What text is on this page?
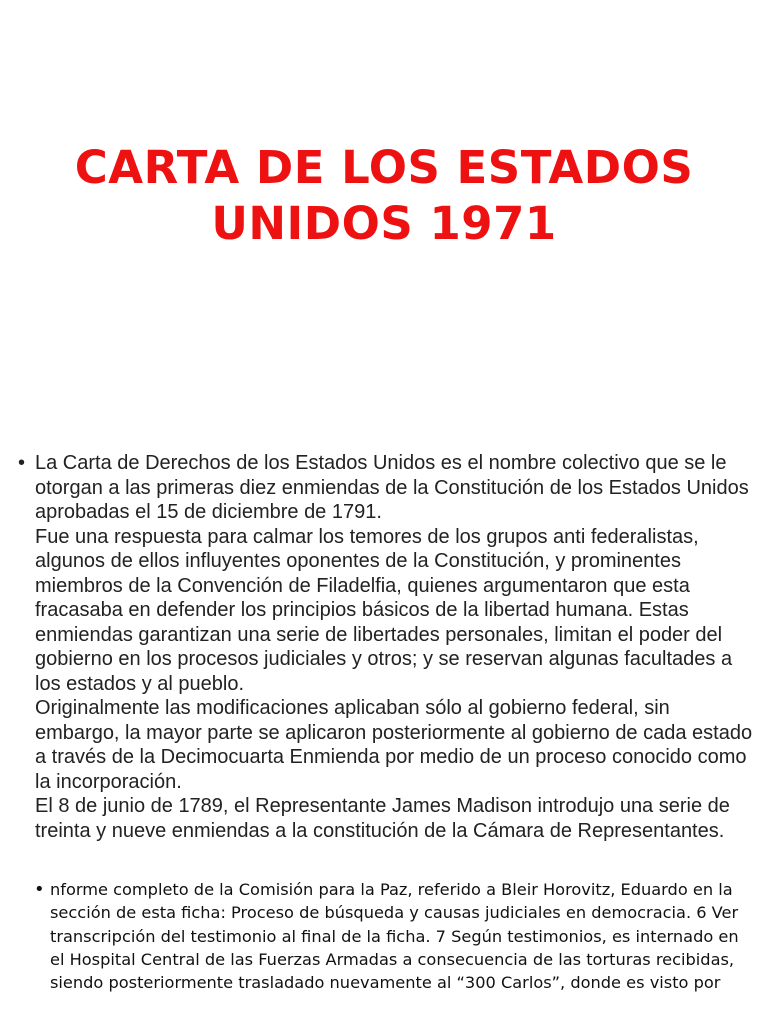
CARTA DE LOS ESTADOS
UNIDOS 1971
• La Carta de Derechos de los Estados Unidos es el nombre colectivo que se le otorgan a las primeras diez enmiendas de la Constitución de los Estados Unidos aprobadas el 15 de diciembre de 1791.

Fue una respuesta para calmar los temores de los grupos anti federalistas, algunos de ellos influyentes oponentes de la Constitución, y prominentes miembros de la Convención de Filadelfia, quienes argumentaron que esta fracasaba en defender los principios básicos de la libertad humana. Estas enmiendas garantizan una serie de libertades personales, limitan el poder del gobierno en los procesos judiciales y otros; y se reservan algunas facultades a los estados y al pueblo.

Originalmente las modificaciones aplicaban sólo al gobierno federal, sin embargo, la mayor parte se aplicaron posteriormente al gobierno de cada estado a través de la Decimocuarta Enmienda por medio de un proceso conocido como la incorporación.

El 8 de junio de 1789, el Representante James Madison introdujo una serie de treinta y nueve enmiendas a la constitución de la Cámara de Representantes.

• nforme completo de la Comisión para la Paz, referido a Bleir Horovitz, Eduardo en la sección de esta ficha: Proceso de búsqueda y causas judiciales en democracia. 6 Ver transcripción del testimonio al final de la ficha. 7 Según testimonios, es internado en el Hospital Central de las Fuerzas Armadas a consecuencia de las torturas recibidas, siendo posteriormente trasladado nuevamente al “300 Carlos”, donde es visto por
